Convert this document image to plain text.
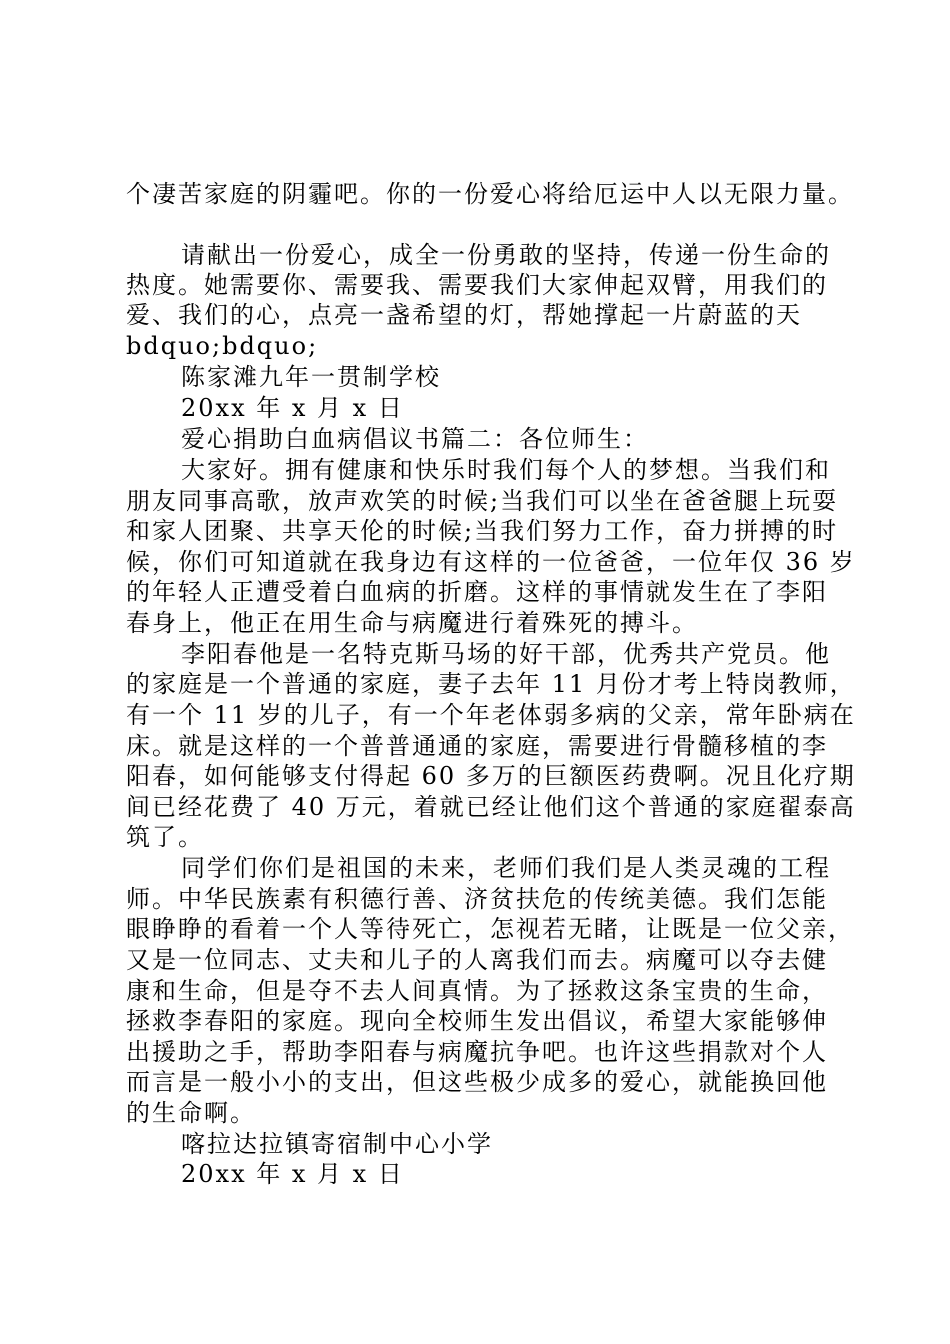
个凄苦家庭的阴霾吧。你的一份爱心将给厄运中人以无限力量。
请献出一份爱心，成全一份勇敢的坚持，传递一份生命的
热度。她需要你、需要我、需要我们大家伸起双臂，用我们的
爱、我们的心，点亮一盏希望的灯，帮她撑起一片蔚蓝的天
bdquo;bdquo;
陈家滩九年一贯制学校
20xx 年 x 月 x 日
爱心捐助白血病倡议书篇二：各位师生：
大家好。拥有健康和快乐时我们每个人的梦想。当我们和
朋友同事高歌，放声欢笑的时候;当我们可以坐在爸爸腿上玩耍
和家人团聚、共享天伦的时候;当我们努力工作，奋力拼搏的时
候，你们可知道就在我身边有这样的一位爸爸，一位年仅 36 岁
的年轻人正遭受着白血病的折磨。这样的事情就发生在了李阳
春身上，他正在用生命与病魔进行着殊死的搏斗。
李阳春他是一名特克斯马场的好干部，优秀共产党员。他
的家庭是一个普通的家庭，妻子去年 11 月份才考上特岗教师，
有一个 11 岁的儿子，有一个年老体弱多病的父亲，常年卧病在
床。就是这样的一个普普通通的家庭，需要进行骨髓移植的李
阳春，如何能够支付得起 60 多万的巨额医药费啊。况且化疗期
间已经花费了 40 万元，着就已经让他们这个普通的家庭翟泰高
筑了。
同学们你们是祖国的未来，老师们我们是人类灵魂的工程
师。中华民族素有积德行善、济贫扶危的传统美德。我们怎能
眼睁睁的看着一个人等待死亡，怎视若无睹，让既是一位父亲，
又是一位同志、丈夫和儿子的人离我们而去。病魔可以夺去健
康和生命，但是夺不去人间真情。为了拯救这条宝贵的生命，
拯救李春阳的家庭。现向全校师生发出倡议，希望大家能够伸
出援助之手，帮助李阳春与病魔抗争吧。也许这些捐款对个人
而言是一般小小的支出，但这些极少成多的爱心，就能换回他
的生命啊。
喀拉达拉镇寄宿制中心小学
20xx 年 x 月 x 日
